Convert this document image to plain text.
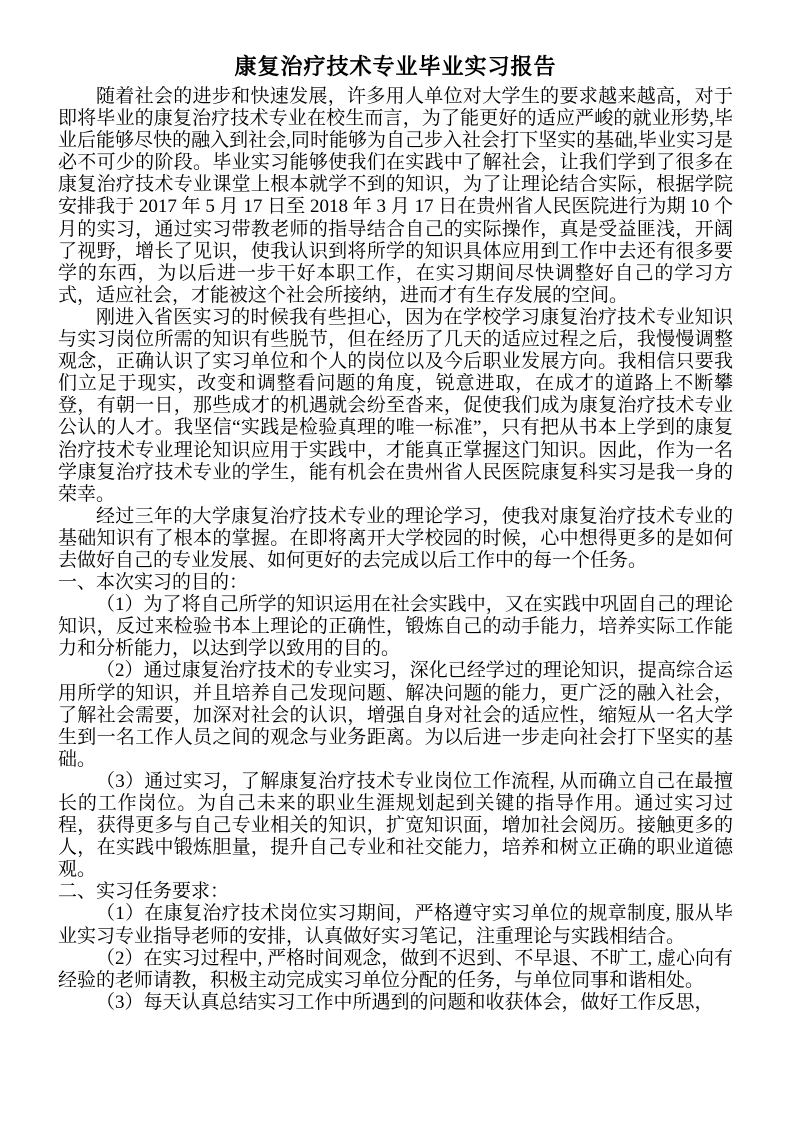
康复治疗技术专业毕业实习报告

随着社会的进步和快速发展，许多用人单位对大学生的要求越来越高，对于即将毕业的康复治疗技术专业在校生而言，为了能更好的适应严峻的就业形势,毕业后能够尽快的融入到社会,同时能够为自己步入社会打下坚实的基础,毕业实习是必不可少的阶段。毕业实习能够使我们在实践中了解社会，让我们学到了很多在康复治疗技术专业课堂上根本就学不到的知识，为了让理论结合实际，根据学院安排我于 2017 年 5 月 17 日至 2018 年 3 月 17 日在贵州省人民医院进行为期 10 个月的实习，通过实习带教老师的指导结合自己的实际操作，真是受益匪浅，开阔了视野，增长了见识，使我认识到将所学的知识具体应用到工作中去还有很多要学的东西，为以后进一步干好本职工作，在实习期间尽快调整好自己的学习方式，适应社会，才能被这个社会所接纳，进而才有生存发展的空间。

刚进入省医实习的时候我有些担心，因为在学校学习康复治疗技术专业知识与实习岗位所需的知识有些脱节，但在经历了几天的适应过程之后，我慢慢调整观念，正确认识了实习单位和个人的岗位以及今后职业发展方向。我相信只要我们立足于现实，改变和调整看问题的角度，锐意进取，在成才的道路上不断攀登，有朝一日，那些成才的机遇就会纷至沓来，促使我们成为康复治疗技术专业公认的人才。我坚信“实践是检验真理的唯一标准”，只有把从书本上学到的康复治疗技术专业理论知识应用于实践中，才能真正掌握这门知识。因此，作为一名学康复治疗技术专业的学生，能有机会在贵州省人民医院康复科实习是我一身的荣幸。

经过三年的大学康复治疗技术专业的理论学习，使我对康复治疗技术专业的基础知识有了根本的掌握。在即将离开大学校园的时候，心中想得更多的是如何去做好自己的专业发展、如何更好的去完成以后工作中的每一个任务。

一、本次实习的目的：

（1）为了将自己所学的知识运用在社会实践中，又在实践中巩固自己的理论知识，反过来检验书本上理论的正确性，锻炼自己的动手能力，培养实际工作能力和分析能力，以达到学以致用的目的。

（2）通过康复治疗技术的专业实习，深化已经学过的理论知识，提高综合运用所学的知识，并且培养自己发现问题、解决问题的能力，更广泛的融入社会，了解社会需要，加深对社会的认识，增强自身对社会的适应性，缩短从一名大学生到一名工作人员之间的观念与业务距离。为以后进一步走向社会打下坚实的基础。

（3）通过实习，了解康复治疗技术专业岗位工作流程, 从而确立自己在最擅长的工作岗位。为自己未来的职业生涯规划起到关键的指导作用。通过实习过程，获得更多与自己专业相关的知识，扩宽知识面，增加社会阅历。接触更多的人，在实践中锻炼胆量，提升自己专业和社交能力，培养和树立正确的职业道德观。

二、实习任务要求：

（1）在康复治疗技术岗位实习期间，严格遵守实习单位的规章制度, 服从毕业实习专业指导老师的安排，认真做好实习笔记，注重理论与实践相结合。

（2）在实习过程中, 严格时间观念，做到不迟到、不早退、不旷工, 虚心向有经验的老师请教，积极主动完成实习单位分配的任务，与单位同事和谐相处。

（3）每天认真总结实习工作中所遇到的问题和收获体会，做好工作反思，
